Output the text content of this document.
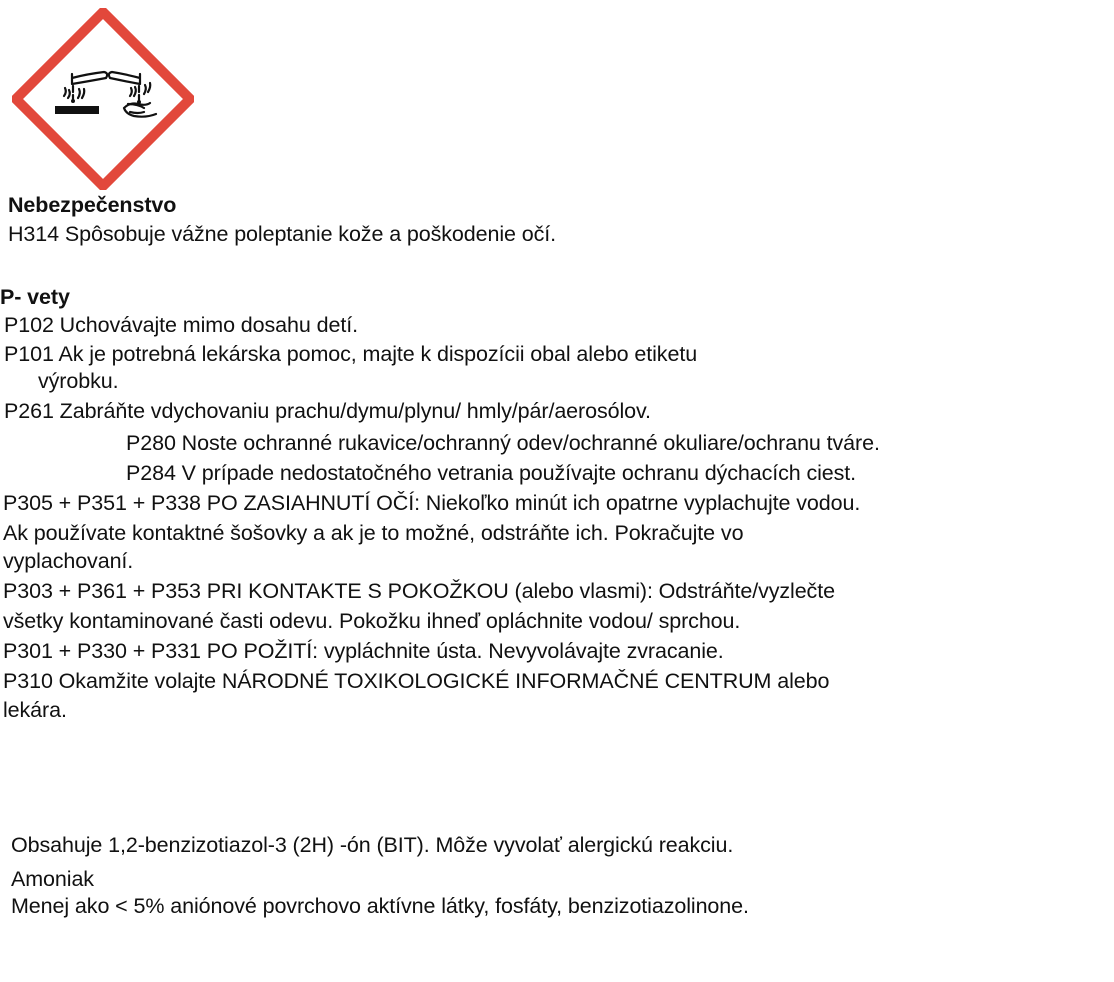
Nebezpečenstvo
H314 Spôsobuje vážne poleptanie kože a poškodenie očí.
P- vety
P102 Uchovávajte mimo dosahu detí.
P101 Ak je potrebná lekárska pomoc, majte k dispozícii obal alebo etiketu
výrobku.
P261 Zabráňte vdychovaniu prachu/dymu/plynu/ hmly/pár/aerosólov.
P280 Noste ochranné rukavice/ochranný odev/ochranné okuliare/ochranu tváre.
P284 V prípade nedostatočného vetrania používajte ochranu dýchacích ciest.
P305 + P351 + P338 PO ZASIAHNUTÍ OČÍ: Niekoľko minút ich opatrne vyplachujte vodou.
Ak používate kontaktné šošovky a ak je to možné, odstráňte ich. Pokračujte vo
vyplachovaní.
P303 + P361 + P353 PRI KONTAKTE S POKOŽKOU (alebo vlasmi): Odstráňte/vyzlečte
všetky kontaminované časti odevu. Pokožku ihneď opláchnite vodou/ sprchou.
P301 + P330 + P331 PO POŽITÍ: vypláchnite ústa. Nevyvolávajte zvracanie.
P310 Okamžite volajte NÁRODNÉ TOXIKOLOGICKÉ INFORMAČNÉ CENTRUM alebo
lekára.
Obsahuje 1,2-benzizotiazol-3 (2H) -ón (BIT). Môže vyvolať alergickú reakciu.
Amoniak
Menej ako < 5% aniónové povrchovo aktívne látky, fosfáty, benzizotiazolinone.
